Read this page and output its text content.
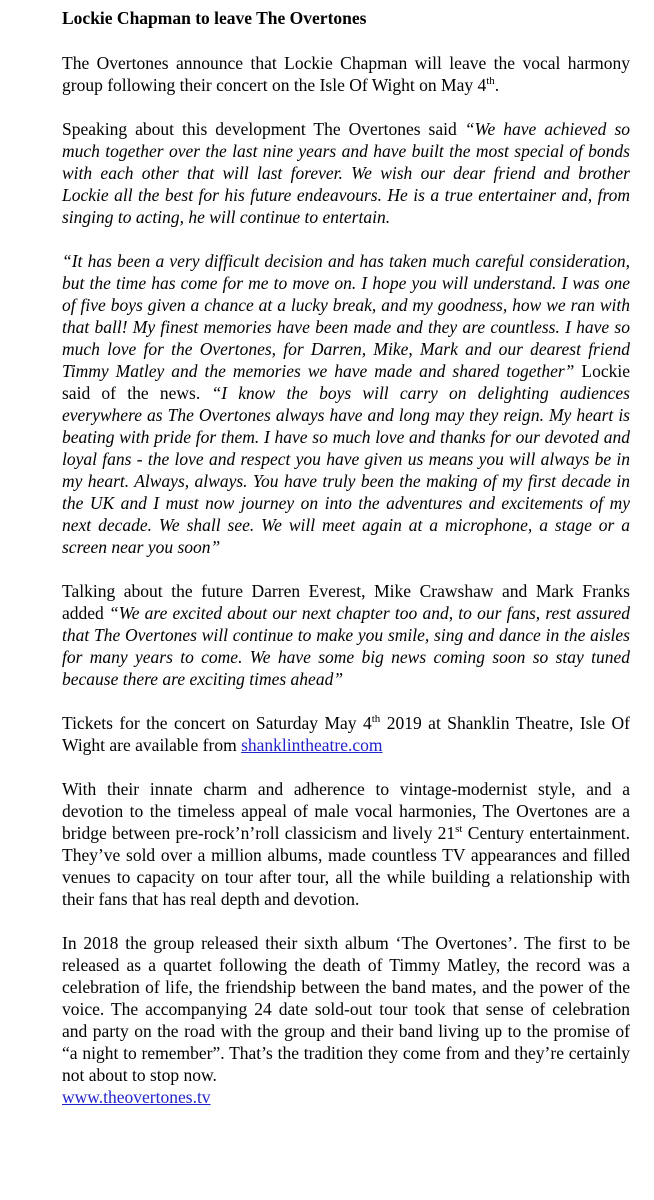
Lockie Chapman to leave The Overtones

The Overtones announce that Lockie Chapman will leave the vocal harmony group following their concert on the Isle Of Wight on May 4th.

Speaking about this development The Overtones said “We have achieved so much together over the last nine years and have built the most special of bonds with each other that will last forever. We wish our dear friend and brother Lockie all the best for his future endeavours. He is a true entertainer and, from singing to acting, he will continue to entertain.

“It has been a very difficult decision and has taken much careful consideration, but the time has come for me to move on. I hope you will understand. I was one of five boys given a chance at a lucky break, and my goodness, how we ran with that ball! My finest memories have been made and they are countless. I have so much love for the Overtones, for Darren, Mike, Mark and our dearest friend Timmy Matley and the memories we have made and shared together” Lockie said of the news. “I know the boys will carry on delighting audiences everywhere as The Overtones always have and long may they reign. My heart is beating with pride for them. I have so much love and thanks for our devoted and loyal fans - the love and respect you have given us means you will always be in my heart. Always, always. You have truly been the making of my first decade in the UK and I must now journey on into the adventures and excitements of my next decade. We shall see. We will meet again at a microphone, a stage or a screen near you soon”

Talking about the future Darren Everest, Mike Crawshaw and Mark Franks added “We are excited about our next chapter too and, to our fans, rest assured that The Overtones will continue to make you smile, sing and dance in the aisles for many years to come. We have some big news coming soon so stay tuned because there are exciting times ahead”

Tickets for the concert on Saturday May 4th 2019 at Shanklin Theatre, Isle Of Wight are available from shanklintheatre.com

With their innate charm and adherence to vintage-modernist style, and a devotion to the timeless appeal of male vocal harmonies, The Overtones are a bridge between pre-rock’n’roll classicism and lively 21st Century entertainment. They’ve sold over a million albums, made countless TV appearances and filled venues to capacity on tour after tour, all the while building a relationship with their fans that has real depth and devotion.

In 2018 the group released their sixth album ‘The Overtones’. The first to be released as a quartet following the death of Timmy Matley, the record was a celebration of life, the friendship between the band mates, and the power of the voice. The accompanying 24 date sold-out tour took that sense of celebration and party on the road with the group and their band living up to the promise of “a night to remember”. That’s the tradition they come from and they’re certainly not about to stop now.
www.theovertones.tv
